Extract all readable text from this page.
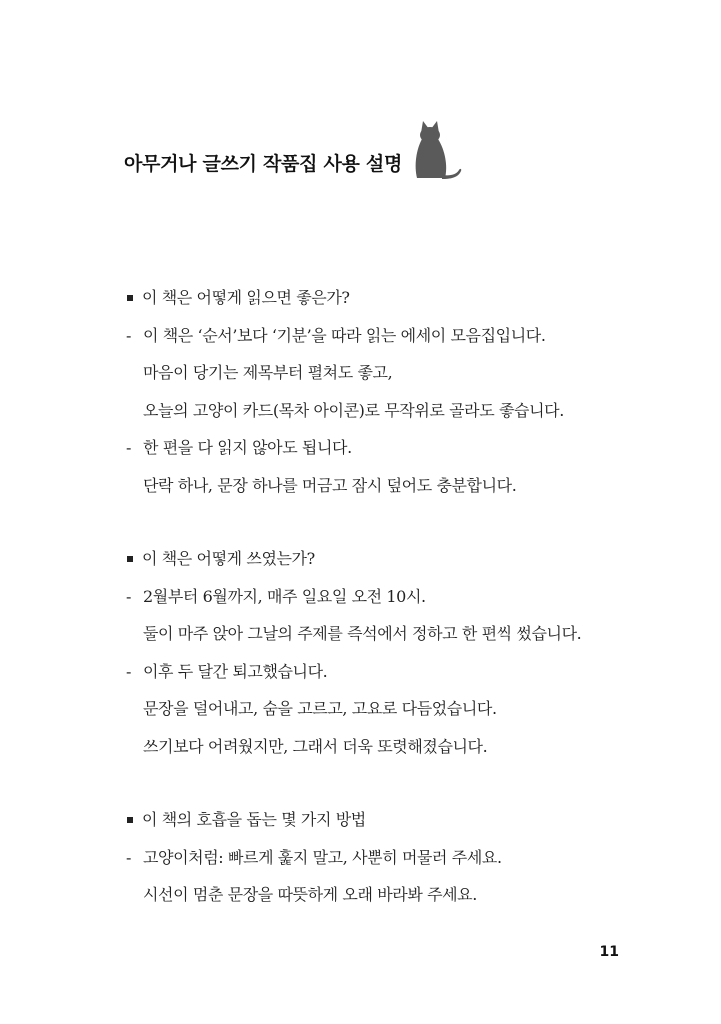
아무거나 글쓰기 작품집 사용 설명
이 책은 어떻게 읽으면 좋은가?
- 이 책은 ‘순서’보다 ‘기분’을 따라 읽는 에세이 모음집입니다.
마음이 당기는 제목부터 펼쳐도 좋고,
오늘의 고양이 카드(목차 아이콘)로 무작위로 골라도 좋습니다.
- 한 편을 다 읽지 않아도 됩니다.
단락 하나, 문장 하나를 머금고 잠시 덮어도 충분합니다.
이 책은 어떻게 쓰였는가?
- 2월부터 6월까지, 매주 일요일 오전 10시.
둘이 마주 앉아 그날의 주제를 즉석에서 정하고 한 편씩 썼습니다.
- 이후 두 달간 퇴고했습니다.
문장을 덜어내고, 숨을 고르고, 고요로 다듬었습니다.
쓰기보다 어려웠지만, 그래서 더욱 또렷해졌습니다.
이 책의 호흡을 돕는 몇 가지 방법
- 고양이처럼: 빠르게 훑지 말고, 사뿐히 머물러 주세요.
시선이 멈춘 문장을 따뜻하게 오래 바라봐 주세요.
11
